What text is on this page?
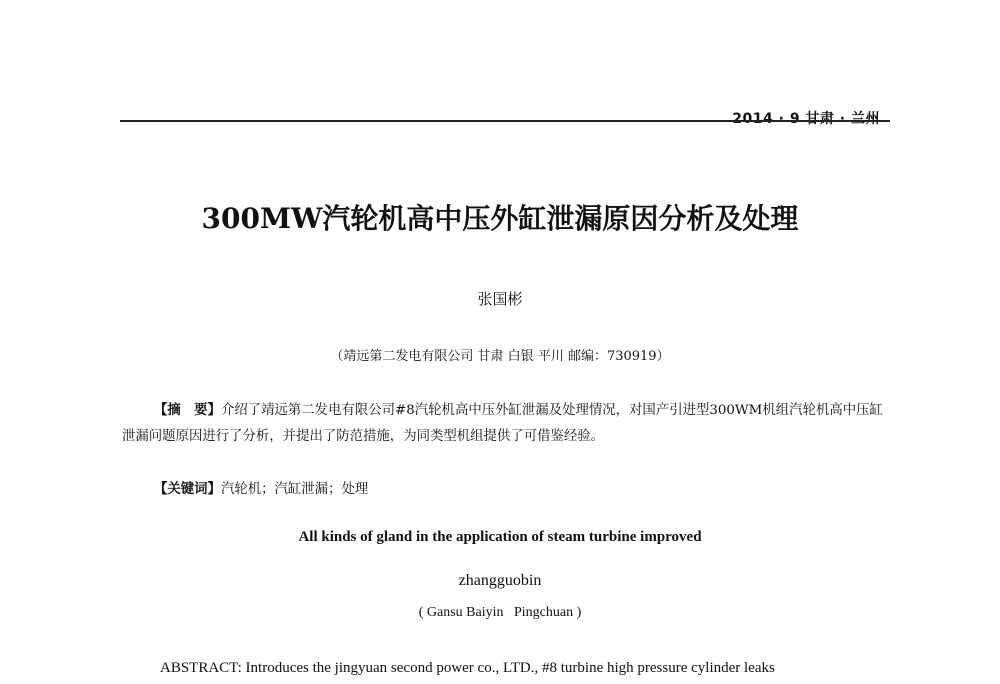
2014 · 9 甘肃 · 兰州
300MW汽轮机高中压外缸泄漏原因分析及处理
张国彬
（靖远第二发电有限公司 甘肃 白银 平川 邮编：730919）

【摘　要】介绍了靖远第二发电有限公司#8汽轮机高中压外缸泄漏及处理情况，对国产引进型300WM机组汽轮机高中压缸泄漏问题原因进行了分析，并提出了防范措施，为同类型机组提供了可借鉴经验。

【关键词】汽轮机；汽缸泄漏；处理
All kinds of gland in the application of steam turbine improved
zhangguobin
( Gansu Baiyin   Pingchuan )
ABSTRACT: Introduces the jingyuan second power co., LTD., #8 turbine high pressure cylinder leaks
